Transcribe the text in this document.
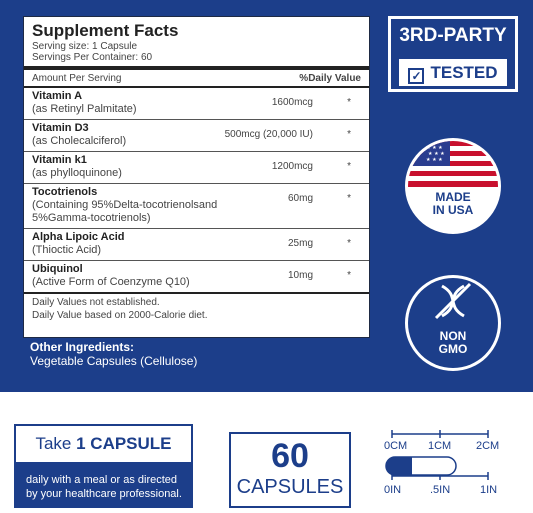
Supplement Facts
Serving size: 1 Capsule
Servings Per Container: 60
Amount Per Serving	%Daily Value
Vitamin A
(as Retinyl Palmitate)
1600mcg	*
Vitamin D3
(as Cholecalciferol)
500mcg (20,000 IU)	*
Vitamin k1
(as phylloquinone)
1200mcg	*
Tocotrienols
(Containing 95%Delta-tocotrienolsand
5%Gamma-tocotrienols)
60mg	*
Alpha Lipoic Acid
(Thioctic Acid)
25mg	*
Ubiquinol
(Active Form of Coenzyme Q10)
10mg	*
Daily Values not established.
Daily Value based on 2000-Calorie diet.
Other Ingredients:
Vegetable Capsules (Cellulose)
3RD-PARTY
✓ TESTED
★ ★ ★
★ ★ ★
★ ★ ★
MADE
IN USA
NON
GMO
Take 1 CAPSULE
daily with a meal or as directed
by your healthcare professional.
60
CAPSULES
0CM 1CM 2CM
0IN	.5IN	1IN
